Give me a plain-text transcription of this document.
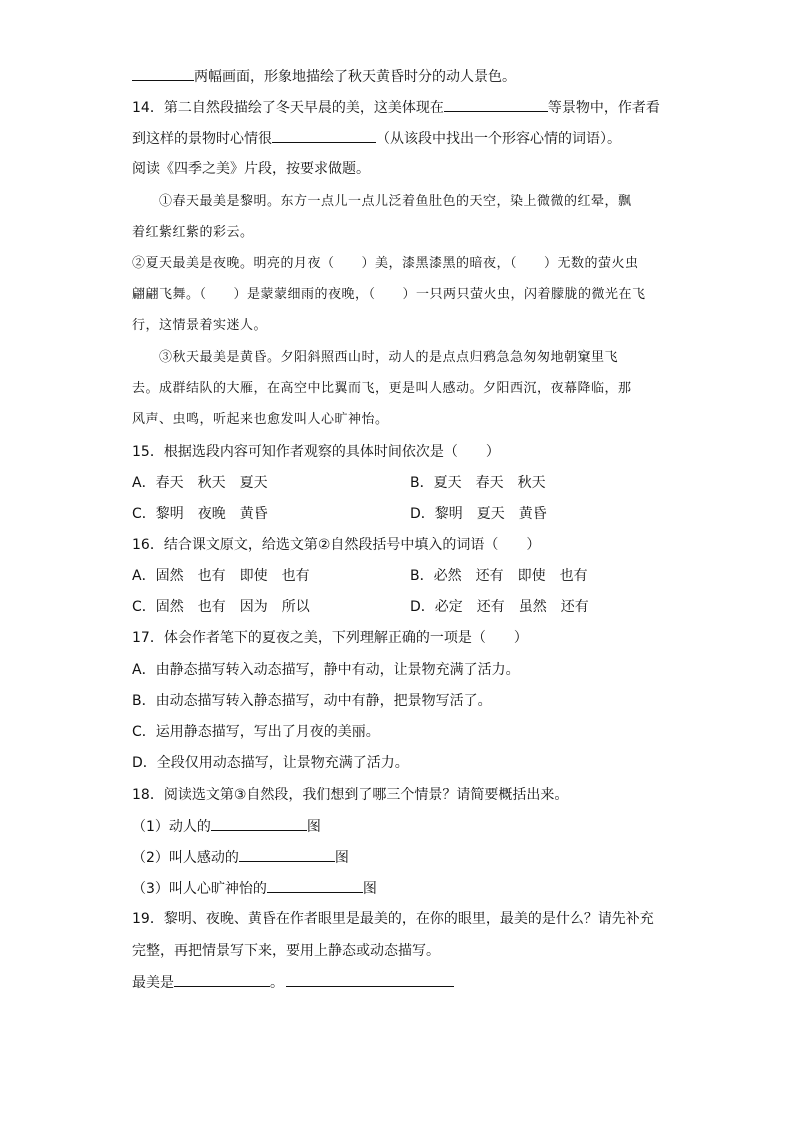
两幅画面，形象地描绘了秋天黄昏时分的动人景色。
14．第二自然段描绘了冬天早晨的美，这美体现在	等景物中，作者看
到这样的景物时心情很	（从该段中找出一个形容心情的词语）。
阅读《四季之美》片段，按要求做题。
①春天最美是黎明。东方一点儿一点儿泛着鱼肚色的天空，染上微微的红晕，飘
着红紫红紫的彩云。
②夏天最美是夜晚。明亮的月夜（　　）美，漆黑漆黑的暗夜，（　　）无数的萤火虫
翩翩飞舞。（　　）是蒙蒙细雨的夜晚，（　　）一只两只萤火虫，闪着朦胧的微光在飞
行，这情景着实迷人。
③秋天最美是黄昏。夕阳斜照西山时，动人的是点点归鸦急急匆匆地朝窠里飞
去。成群结队的大雁，在高空中比翼而飞，更是叫人感动。夕阳西沉，夜幕降临，那
风声、虫鸣，听起来也愈发叫人心旷神怡。
15．根据选段内容可知作者观察的具体时间依次是（　　）
A．春天 秋天 夏天	B．夏天 春天 秋天
C．黎明 夜晚 黄昏	D．黎明 夏天 黄昏
16．结合课文原文，给选文第②自然段括号中填入的词语（　　）
A．固然 也有 即使 也有	B．必然 还有 即使 也有
C．固然 也有 因为 所以	D．必定 还有 虽然 还有
17．体会作者笔下的夏夜之美，下列理解正确的一项是（　　）
A．由静态描写转入动态描写，静中有动，让景物充满了活力。
B．由动态描写转入静态描写，动中有静，把景物写活了。
C．运用静态描写，写出了月夜的美丽。
D．全段仅用动态描写，让景物充满了活力。
18．阅读选文第③自然段，我们想到了哪三个情景？请简要概括出来。
（1）动人的	图
（2）叫人感动的	图
（3）叫人心旷神怡的	图
19．黎明、夜晚、黄昏在作者眼里是最美的，在你的眼里，最美的是什么？请先补充
完整，再把情景写下来，要用上静态或动态描写。
最美是	。
